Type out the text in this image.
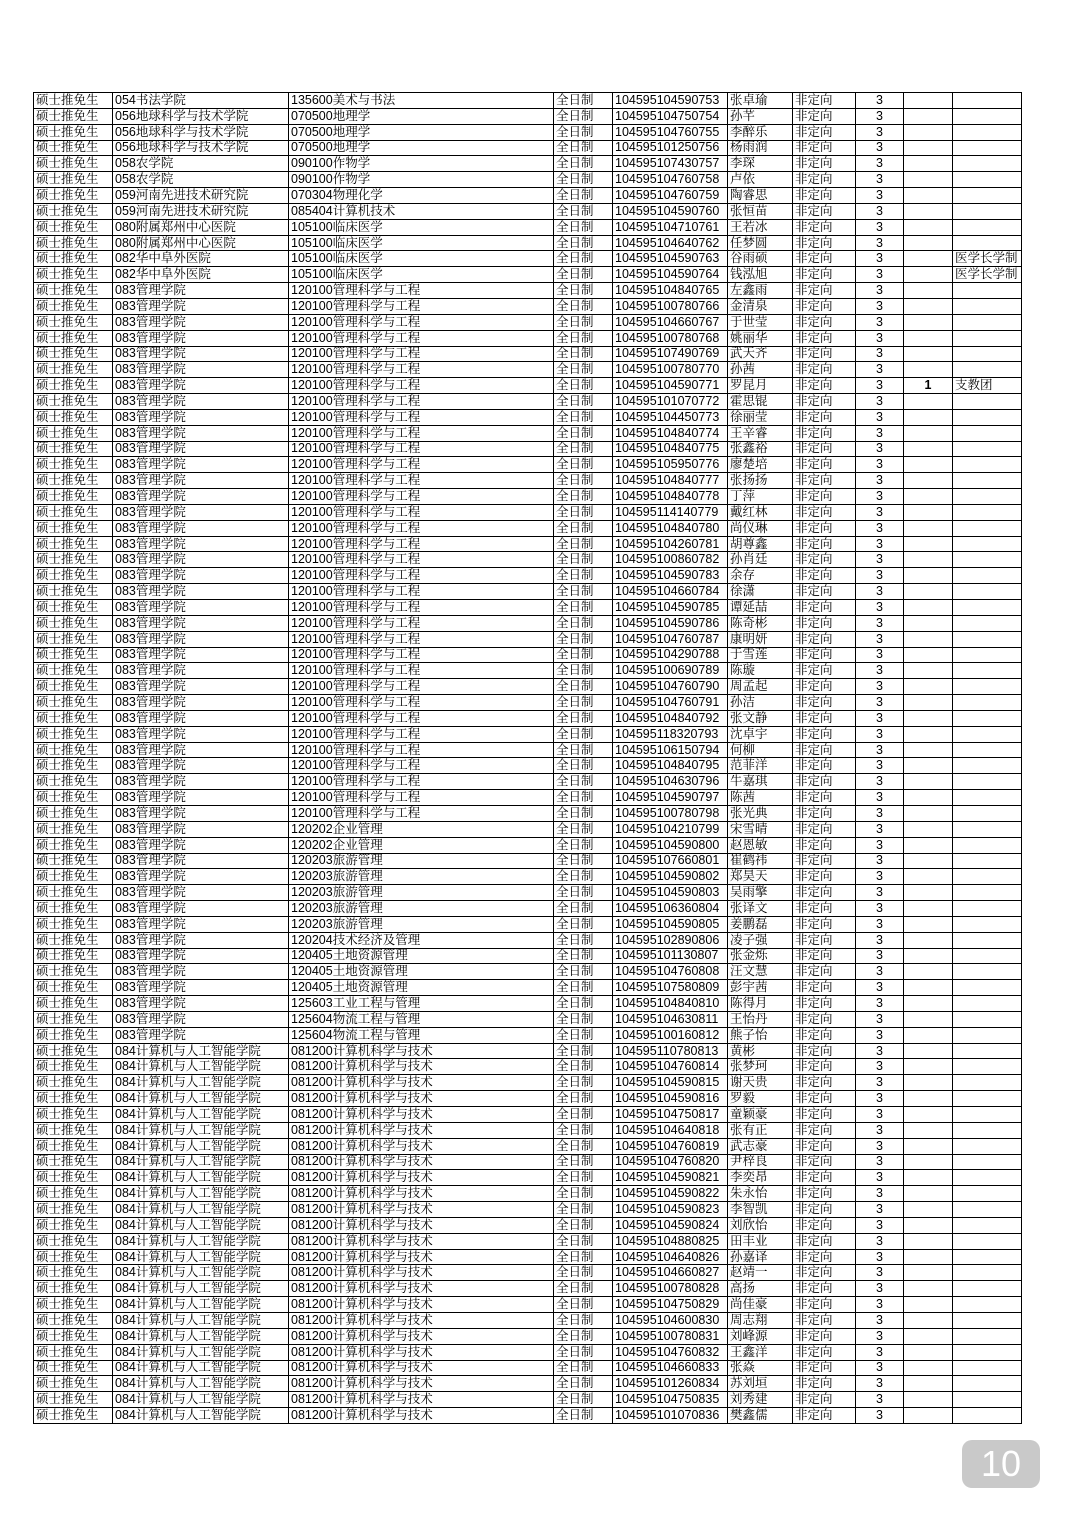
硕士推免生	054书法学院	135600美术与书法	全日制	104595104590753	张卓瑜	非定向	3		
硕士推免生	056地球科学与技术学院	070500地理学	全日制	104595104750754	孙芊	非定向	3		
硕士推免生	056地球科学与技术学院	070500地理学	全日制	104595104760755	李醉乐	非定向	3		
硕士推免生	056地球科学与技术学院	070500地理学	全日制	104595101250756	杨雨润	非定向	3		
硕士推免生	058农学院	090100作物学	全日制	104595107430757	李琛	非定向	3		
硕士推免生	058农学院	090100作物学	全日制	104595104760758	卢依	非定向	3		
硕士推免生	059河南先进技术研究院	070304物理化学	全日制	104595104760759	陶睿思	非定向	3		
硕士推免生	059河南先进技术研究院	085404计算机技术	全日制	104595104590760	张恒苗	非定向	3		
硕士推免生	080附属郑州中心医院	105100临床医学	全日制	104595104710761	王若冰	非定向	3		
硕士推免生	080附属郑州中心医院	105100临床医学	全日制	104595104640762	任梦圆	非定向	3		
硕士推免生	082华中阜外医院	105100临床医学	全日制	104595104590763	谷雨硕	非定向	3		医学长学制
硕士推免生	082华中阜外医院	105100临床医学	全日制	104595104590764	钱泓旭	非定向	3		医学长学制
硕士推免生	083管理学院	120100管理科学与工程	全日制	104595104840765	左鑫雨	非定向	3		
硕士推免生	083管理学院	120100管理科学与工程	全日制	104595100780766	金清泉	非定向	3		
硕士推免生	083管理学院	120100管理科学与工程	全日制	104595104660767	于世莹	非定向	3		
硕士推免生	083管理学院	120100管理科学与工程	全日制	104595100780768	姚丽华	非定向	3		
硕士推免生	083管理学院	120100管理科学与工程	全日制	104595107490769	武天齐	非定向	3		
硕士推免生	083管理学院	120100管理科学与工程	全日制	104595100780770	孙茜	非定向	3		
硕士推免生	083管理学院	120100管理科学与工程	全日制	104595104590771	罗昆月	非定向	3	1	支教团
硕士推免生	083管理学院	120100管理科学与工程	全日制	104595101070772	霍思锟	非定向	3		
硕士推免生	083管理学院	120100管理科学与工程	全日制	104595104450773	徐丽莹	非定向	3		
硕士推免生	083管理学院	120100管理科学与工程	全日制	104595104840774	王辛睿	非定向	3		
硕士推免生	083管理学院	120100管理科学与工程	全日制	104595104840775	张鑫裕	非定向	3		
硕士推免生	083管理学院	120100管理科学与工程	全日制	104595105950776	廖楚培	非定向	3		
硕士推免生	083管理学院	120100管理科学与工程	全日制	104595104840777	张扬扬	非定向	3		
硕士推免生	083管理学院	120100管理科学与工程	全日制	104595104840778	丁萍	非定向	3		
硕士推免生	083管理学院	120100管理科学与工程	全日制	104595114140779	戴红林	非定向	3		
硕士推免生	083管理学院	120100管理科学与工程	全日制	104595104840780	尚仪琳	非定向	3		
硕士推免生	083管理学院	120100管理科学与工程	全日制	104595104260781	胡尊鑫	非定向	3		
硕士推免生	083管理学院	120100管理科学与工程	全日制	104595100860782	孙肖廷	非定向	3		
硕士推免生	083管理学院	120100管理科学与工程	全日制	104595104590783	余存	非定向	3		
硕士推免生	083管理学院	120100管理科学与工程	全日制	104595104660784	徐潇	非定向	3		
硕士推免生	083管理学院	120100管理科学与工程	全日制	104595104590785	谭延喆	非定向	3		
硕士推免生	083管理学院	120100管理科学与工程	全日制	104595104590786	陈奇彬	非定向	3		
硕士推免生	083管理学院	120100管理科学与工程	全日制	104595104760787	康明妍	非定向	3		
硕士推免生	083管理学院	120100管理科学与工程	全日制	104595104290788	于雪莲	非定向	3		
硕士推免生	083管理学院	120100管理科学与工程	全日制	104595100690789	陈璇	非定向	3		
硕士推免生	083管理学院	120100管理科学与工程	全日制	104595104760790	周孟起	非定向	3		
硕士推免生	083管理学院	120100管理科学与工程	全日制	104595104760791	孙洁	非定向	3		
硕士推免生	083管理学院	120100管理科学与工程	全日制	104595104840792	张文静	非定向	3		
硕士推免生	083管理学院	120100管理科学与工程	全日制	104595118320793	沈卓宇	非定向	3		
硕士推免生	083管理学院	120100管理科学与工程	全日制	104595106150794	何柳	非定向	3		
硕士推免生	083管理学院	120100管理科学与工程	全日制	104595104840795	范菲洋	非定向	3		
硕士推免生	083管理学院	120100管理科学与工程	全日制	104595104630796	牛嘉琪	非定向	3		
硕士推免生	083管理学院	120100管理科学与工程	全日制	104595104590797	陈茜	非定向	3		
硕士推免生	083管理学院	120100管理科学与工程	全日制	104595100780798	张光典	非定向	3		
硕士推免生	083管理学院	120202企业管理	全日制	104595104210799	宋雪晴	非定向	3		
硕士推免生	083管理学院	120202企业管理	全日制	104595104590800	赵恩敏	非定向	3		
硕士推免生	083管理学院	120203旅游管理	全日制	104595107660801	崔鹤祎	非定向	3		
硕士推免生	083管理学院	120203旅游管理	全日制	104595104590802	郑昊天	非定向	3		
硕士推免生	083管理学院	120203旅游管理	全日制	104595104590803	吴雨擎	非定向	3		
硕士推免生	083管理学院	120203旅游管理	全日制	104595106360804	张译文	非定向	3		
硕士推免生	083管理学院	120203旅游管理	全日制	104595104590805	姜鹏磊	非定向	3		
硕士推免生	083管理学院	120204技术经济及管理	全日制	104595102890806	凌子强	非定向	3		
硕士推免生	083管理学院	120405土地资源管理	全日制	104595101130807	张金烁	非定向	3		
硕士推免生	083管理学院	120405土地资源管理	全日制	104595104760808	汪文慧	非定向	3		
硕士推免生	083管理学院	120405土地资源管理	全日制	104595107580809	彭宇茜	非定向	3		
硕士推免生	083管理学院	125603工业工程与管理	全日制	104595104840810	陈得月	非定向	3		
硕士推免生	083管理学院	125604物流工程与管理	全日制	104595104630811	王怡丹	非定向	3		
硕士推免生	083管理学院	125604物流工程与管理	全日制	104595100160812	熊子怡	非定向	3		
硕士推免生	084计算机与人工智能学院	081200计算机科学与技术	全日制	104595110780813	黄彬	非定向	3		
硕士推免生	084计算机与人工智能学院	081200计算机科学与技术	全日制	104595104760814	张梦珂	非定向	3		
硕士推免生	084计算机与人工智能学院	081200计算机科学与技术	全日制	104595104590815	谢天贵	非定向	3		
硕士推免生	084计算机与人工智能学院	081200计算机科学与技术	全日制	104595104590816	罗毅	非定向	3		
硕士推免生	084计算机与人工智能学院	081200计算机科学与技术	全日制	104595104750817	童颖豪	非定向	3		
硕士推免生	084计算机与人工智能学院	081200计算机科学与技术	全日制	104595104640818	张有正	非定向	3		
硕士推免生	084计算机与人工智能学院	081200计算机科学与技术	全日制	104595104760819	武志豪	非定向	3		
硕士推免生	084计算机与人工智能学院	081200计算机科学与技术	全日制	104595104760820	尹梓良	非定向	3		
硕士推免生	084计算机与人工智能学院	081200计算机科学与技术	全日制	104595104590821	李奕昂	非定向	3		
硕士推免生	084计算机与人工智能学院	081200计算机科学与技术	全日制	104595104590822	朱永怡	非定向	3		
硕士推免生	084计算机与人工智能学院	081200计算机科学与技术	全日制	104595104590823	李智凯	非定向	3		
硕士推免生	084计算机与人工智能学院	081200计算机科学与技术	全日制	104595104590824	刘欣怡	非定向	3		
硕士推免生	084计算机与人工智能学院	081200计算机科学与技术	全日制	104595104880825	田丰业	非定向	3		
硕士推免生	084计算机与人工智能学院	081200计算机科学与技术	全日制	104595104640826	孙嘉译	非定向	3		
硕士推免生	084计算机与人工智能学院	081200计算机科学与技术	全日制	104595104660827	赵靖一	非定向	3		
硕士推免生	084计算机与人工智能学院	081200计算机科学与技术	全日制	104595100780828	高扬	非定向	3		
硕士推免生	084计算机与人工智能学院	081200计算机科学与技术	全日制	104595104750829	尚佳豪	非定向	3		
硕士推免生	084计算机与人工智能学院	081200计算机科学与技术	全日制	104595104600830	周志翔	非定向	3		
硕士推免生	084计算机与人工智能学院	081200计算机科学与技术	全日制	104595100780831	刘峰源	非定向	3		
硕士推免生	084计算机与人工智能学院	081200计算机科学与技术	全日制	104595104760832	王鑫洋	非定向	3		
硕士推免生	084计算机与人工智能学院	081200计算机科学与技术	全日制	104595104660833	张焱	非定向	3		
硕士推免生	084计算机与人工智能学院	081200计算机科学与技术	全日制	104595101260834	苏刘垣	非定向	3		
硕士推免生	084计算机与人工智能学院	081200计算机科学与技术	全日制	104595104750835	刘秀建	非定向	3		
硕士推免生	084计算机与人工智能学院	081200计算机科学与技术	全日制	104595101070836	樊鑫儒	非定向	3		
10
